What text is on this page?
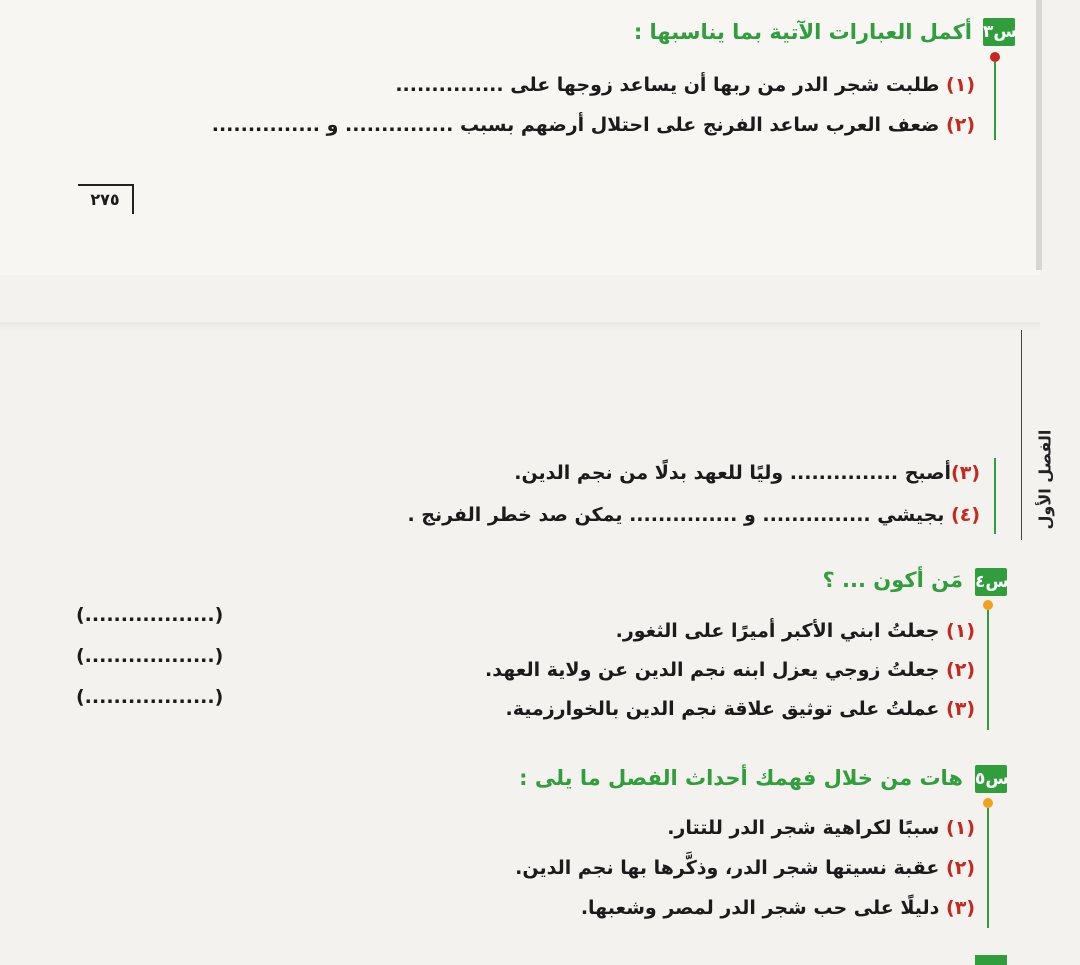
س٣
أكمل العبارات الآتية بما يناسبها :
(١) طلبت شجر الدر من ربها أن يساعد زوجها على ...............
(٢) ضعف العرب ساعد الفرنج على احتلال أرضهم بسبب ............... و ...............
٢٧٥
الفصل الأول
(٣)أصبح ............... وليًا للعهد بدلًا من نجم الدين.
(٤) بجيشي ............... و ............... يمكن صد خطر الفرنج .
س٤
مَن أكون ... ؟
(١) جعلتُ ابني الأكبر أميرًا على الثغور.
(٢) جعلتُ زوجي يعزل ابنه نجم الدين عن ولاية العهد.
(٣) عملتُ على توثيق علاقة نجم الدين بالخوارزمية.
(..................)
(..................)
(..................)
س٥
هات من خلال فهمك أحداث الفصل ما يلى :
(١) سببًا لكراهية شجر الدر للتتار.
(٢) عقبة نسيتها شجر الدر، وذكَّرها بها نجم الدين.
(٣) دليلًا على حب شجر الدر لمصر وشعبها.
